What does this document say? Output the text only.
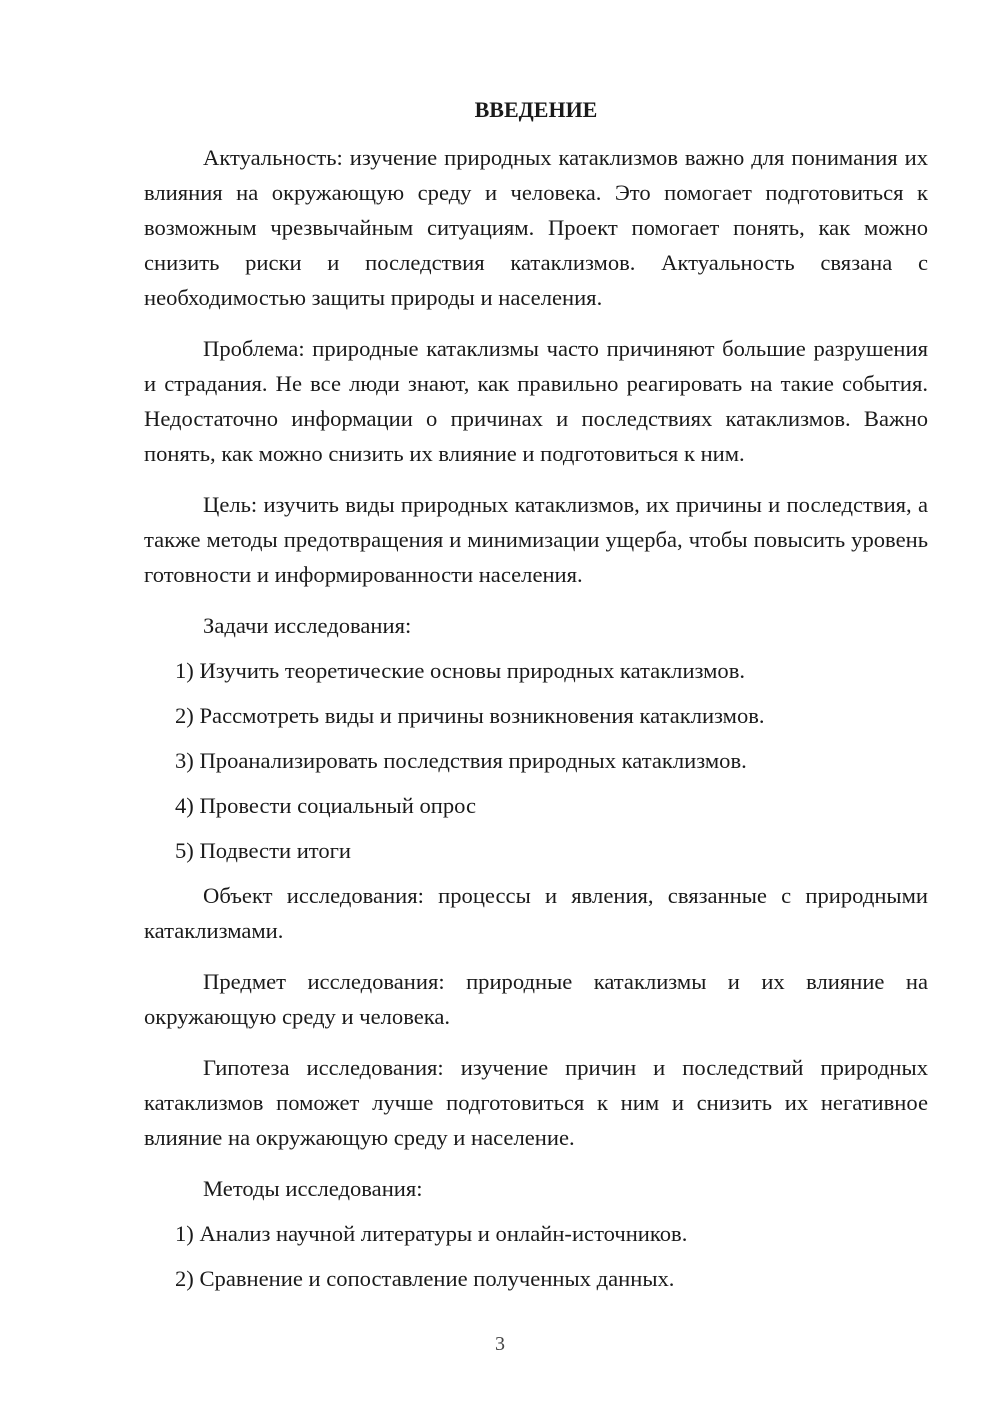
ВВЕДЕНИЕ

Актуальность: изучение природных катаклизмов важно для понимания их влияния на окружающую среду и человека. Это помогает подготовиться к возможным чрезвычайным ситуациям. Проект помогает понять, как можно снизить риски и последствия катаклизмов. Актуальность связана с необходимостью защиты природы и населения.

Проблема: природные катаклизмы часто причиняют большие разрушения и страдания. Не все люди знают, как правильно реагировать на такие события. Недостаточно информации о причинах и последствиях катаклизмов. Важно понять, как можно снизить их влияние и подготовиться к ним.

Цель: изучить виды природных катаклизмов, их причины и последствия, а также методы предотвращения и минимизации ущерба, чтобы повысить уровень готовности и информированности населения.

Задачи исследования:

1) Изучить теоретические основы природных катаклизмов.

2) Рассмотреть виды и причины возникновения катаклизмов.

3) Проанализировать последствия природных катаклизмов.

4) Провести социальный опрос

5) Подвести итоги

Объект исследования: процессы и явления, связанные с природными катаклизмами.

Предмет исследования: природные катаклизмы и их влияние на окружающую среду и человека.

Гипотеза исследования: изучение причин и последствий природных катаклизмов поможет лучше подготовиться к ним и снизить их негативное влияние на окружающую среду и население.

Методы исследования:

1) Анализ научной литературы и онлайн-источников.

2) Сравнение и сопоставление полученных данных.

3
